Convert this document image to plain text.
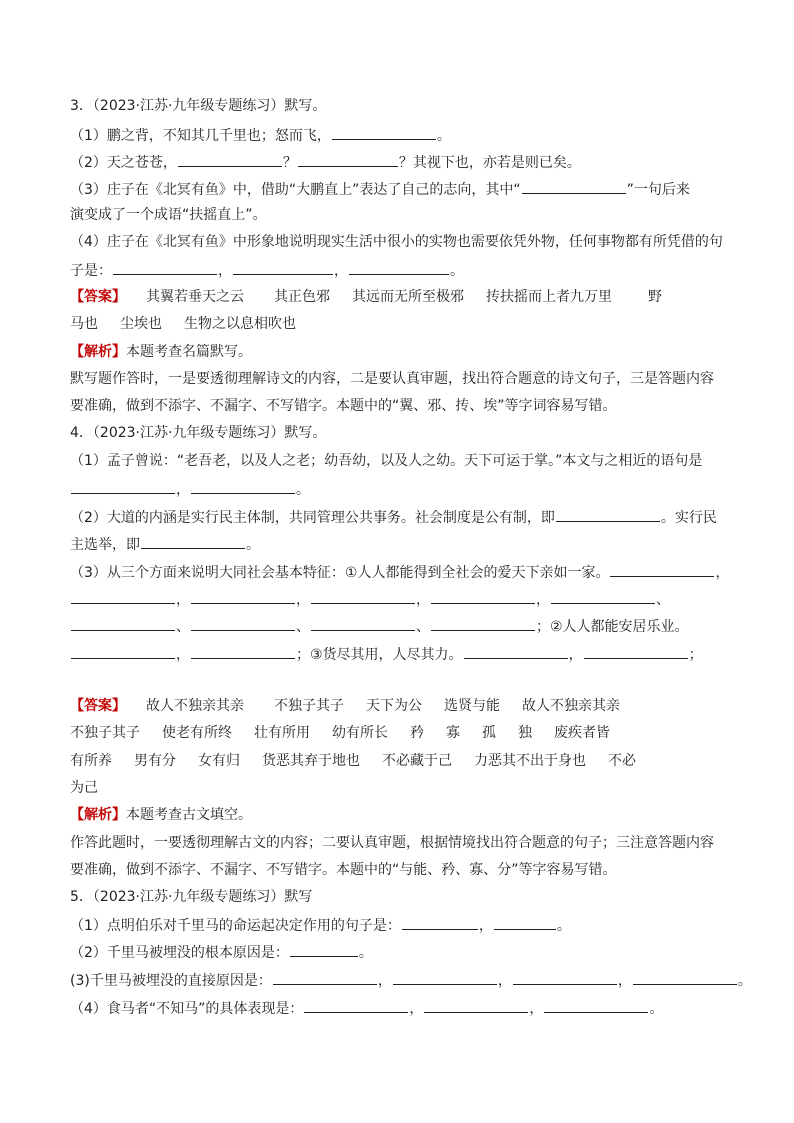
3．（2023·江苏·九年级专题练习）默写。
（1）鹏之背，不知其几千里也；怒而飞，	。
（2）天之苍苍，	？	？其视下也，亦若是则已矣。
（3）庄子在《北冥有鱼》中，借助“大鹏直上”表达了自己的志向，其中“	”一句后来
演变成了一个成语“扶摇直上”。
（4）庄子在《北冥有鱼》中形象地说明现实生活中很小的实物也需要依凭外物，任何事物都有所凭借的句
子是：	，	，	。
【答案】 其翼若垂天之云 其正色邪 其远而无所至极邪 抟扶摇而上者九万里	野
马也 尘埃也 生物之以息相吹也
【解析】本题考查名篇默写。
默写题作答时，一是要透彻理解诗文的内容，二是要认真审题，找出符合题意的诗文句子，三是答题内容
要准确，做到不添字、不漏字、不写错字。本题中的“翼、邪、抟、埃”等字词容易写错。
4．（2023·江苏·九年级专题练习）默写。
（1）孟子曾说：“老吾老，以及人之老；幼吾幼，以及人之幼。天下可运于掌。”本文与之相近的语句是
，	。
（2）大道的内涵是实行民主体制，共同管理公共事务。社会制度是公有制，即	。实行民
主选举，即	。
（3）从三个方面来说明大同社会基本特征：①人人都能得到全社会的爱天下亲如一家。	，
，	，	，	，	、
、	、	、	；②人人都能安居乐业。
，	；③货尽其用，人尽其力。	，	；
【答案】 故人不独亲其亲 不独子其子 天下为公 选贤与能 故人不独亲其亲
不独子其子 使老有所终 壮有所用 幼有所长 矜 寡 孤 独 废疾者皆
有所养 男有分 女有归 货恶其弃于地也 不必藏于己 力恶其不出于身也 不必
为己
【解析】本题考查古文填空。
作答此题时，一要透彻理解古文的内容；二要认真审题，根据情境找出符合题意的句子；三注意答题内容
要准确，做到不添字、不漏字、不写错字。本题中的“与能、矜、寡、分”等字容易写错。
5．（2023·江苏·九年级专题练习）默写
（1）点明伯乐对千里马的命运起决定作用的句子是：	，	。
（2）千里马被埋没的根本原因是：	。
(3)千里马被埋没的直接原因是：	，	，	，	。
（4）食马者“不知马”的具体表现是：	，	，	。
